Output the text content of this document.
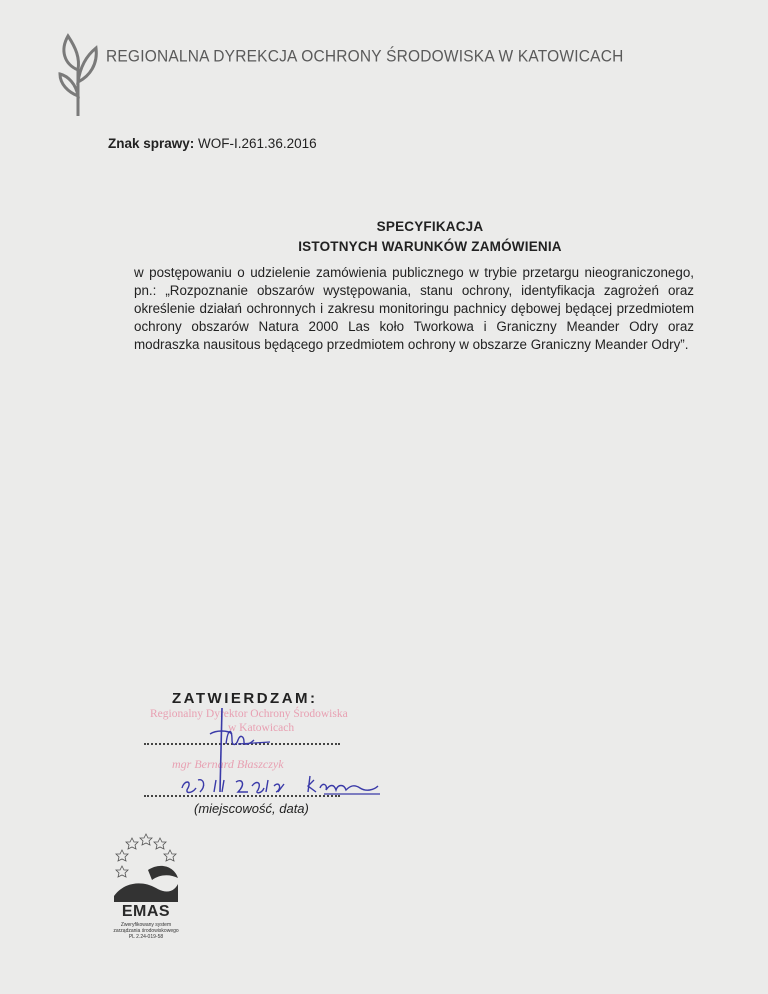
REGIONALNA DYREKCJA OCHRONY ŚRODOWISKA W KATOWICACH
Znak sprawy: WOF-I.261.36.2016
SPECYFIKACJA
ISTOTNYCH WARUNKÓW ZAMÓWIENIA
w postępowaniu o udzielenie zamówienia publicznego w trybie przetargu nieograniczonego, pn.: „Rozpoznanie obszarów występowania, stanu ochrony, identyfikacja zagrożeń oraz określenie działań ochronnych i zakresu monitoringu pachnicy dębowej będącej przedmiotem ochrony obszarów Natura 2000 Las koło Tworkowa i Graniczny Meander Odry oraz modraszka nausitous będącego przedmiotem ochrony w obszarze Graniczny Meander Odry”.
ZATWIERDZAM:
Regionalny Dyrektor Ochrony Środowiska
w Katowicach
mgr Bernard Błaszczyk
(miejscowość, data)
EMAS
Zweryfikowany system zarządzania środowiskowego PL 2.24-019-58
